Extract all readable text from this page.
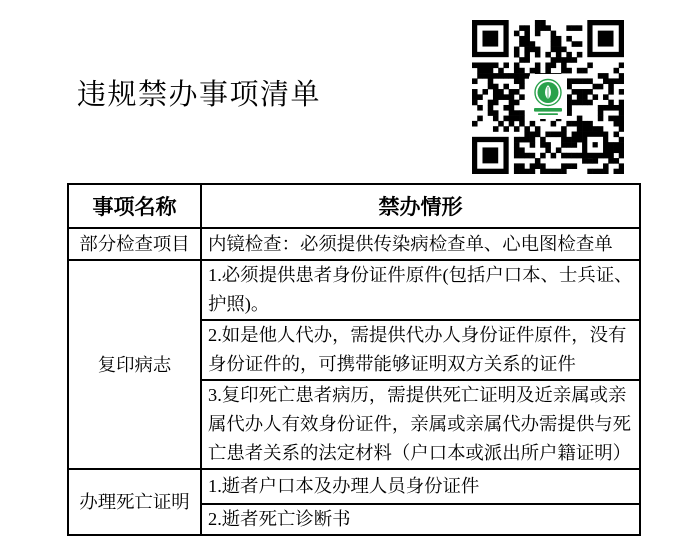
违规禁办事项清单
事项名称	禁办情形
部分检查项目	内镜检查：必须提供传染病检查单、心电图检查单
复印病志	1.必须提供患者身份证件原件(包括户口本、士兵证、护照)。
	2.如是他人代办，需提供代办人身份证件原件，没有身份证件的，可携带能够证明双方关系的证件
	3.复印死亡患者病历，需提供死亡证明及近亲属或亲属代办人有效身份证件，亲属或亲属代办需提供与死亡患者关系的法定材料（户口本或派出所户籍证明）
办理死亡证明	1.逝者户口本及办理人员身份证件
	2.逝者死亡诊断书
